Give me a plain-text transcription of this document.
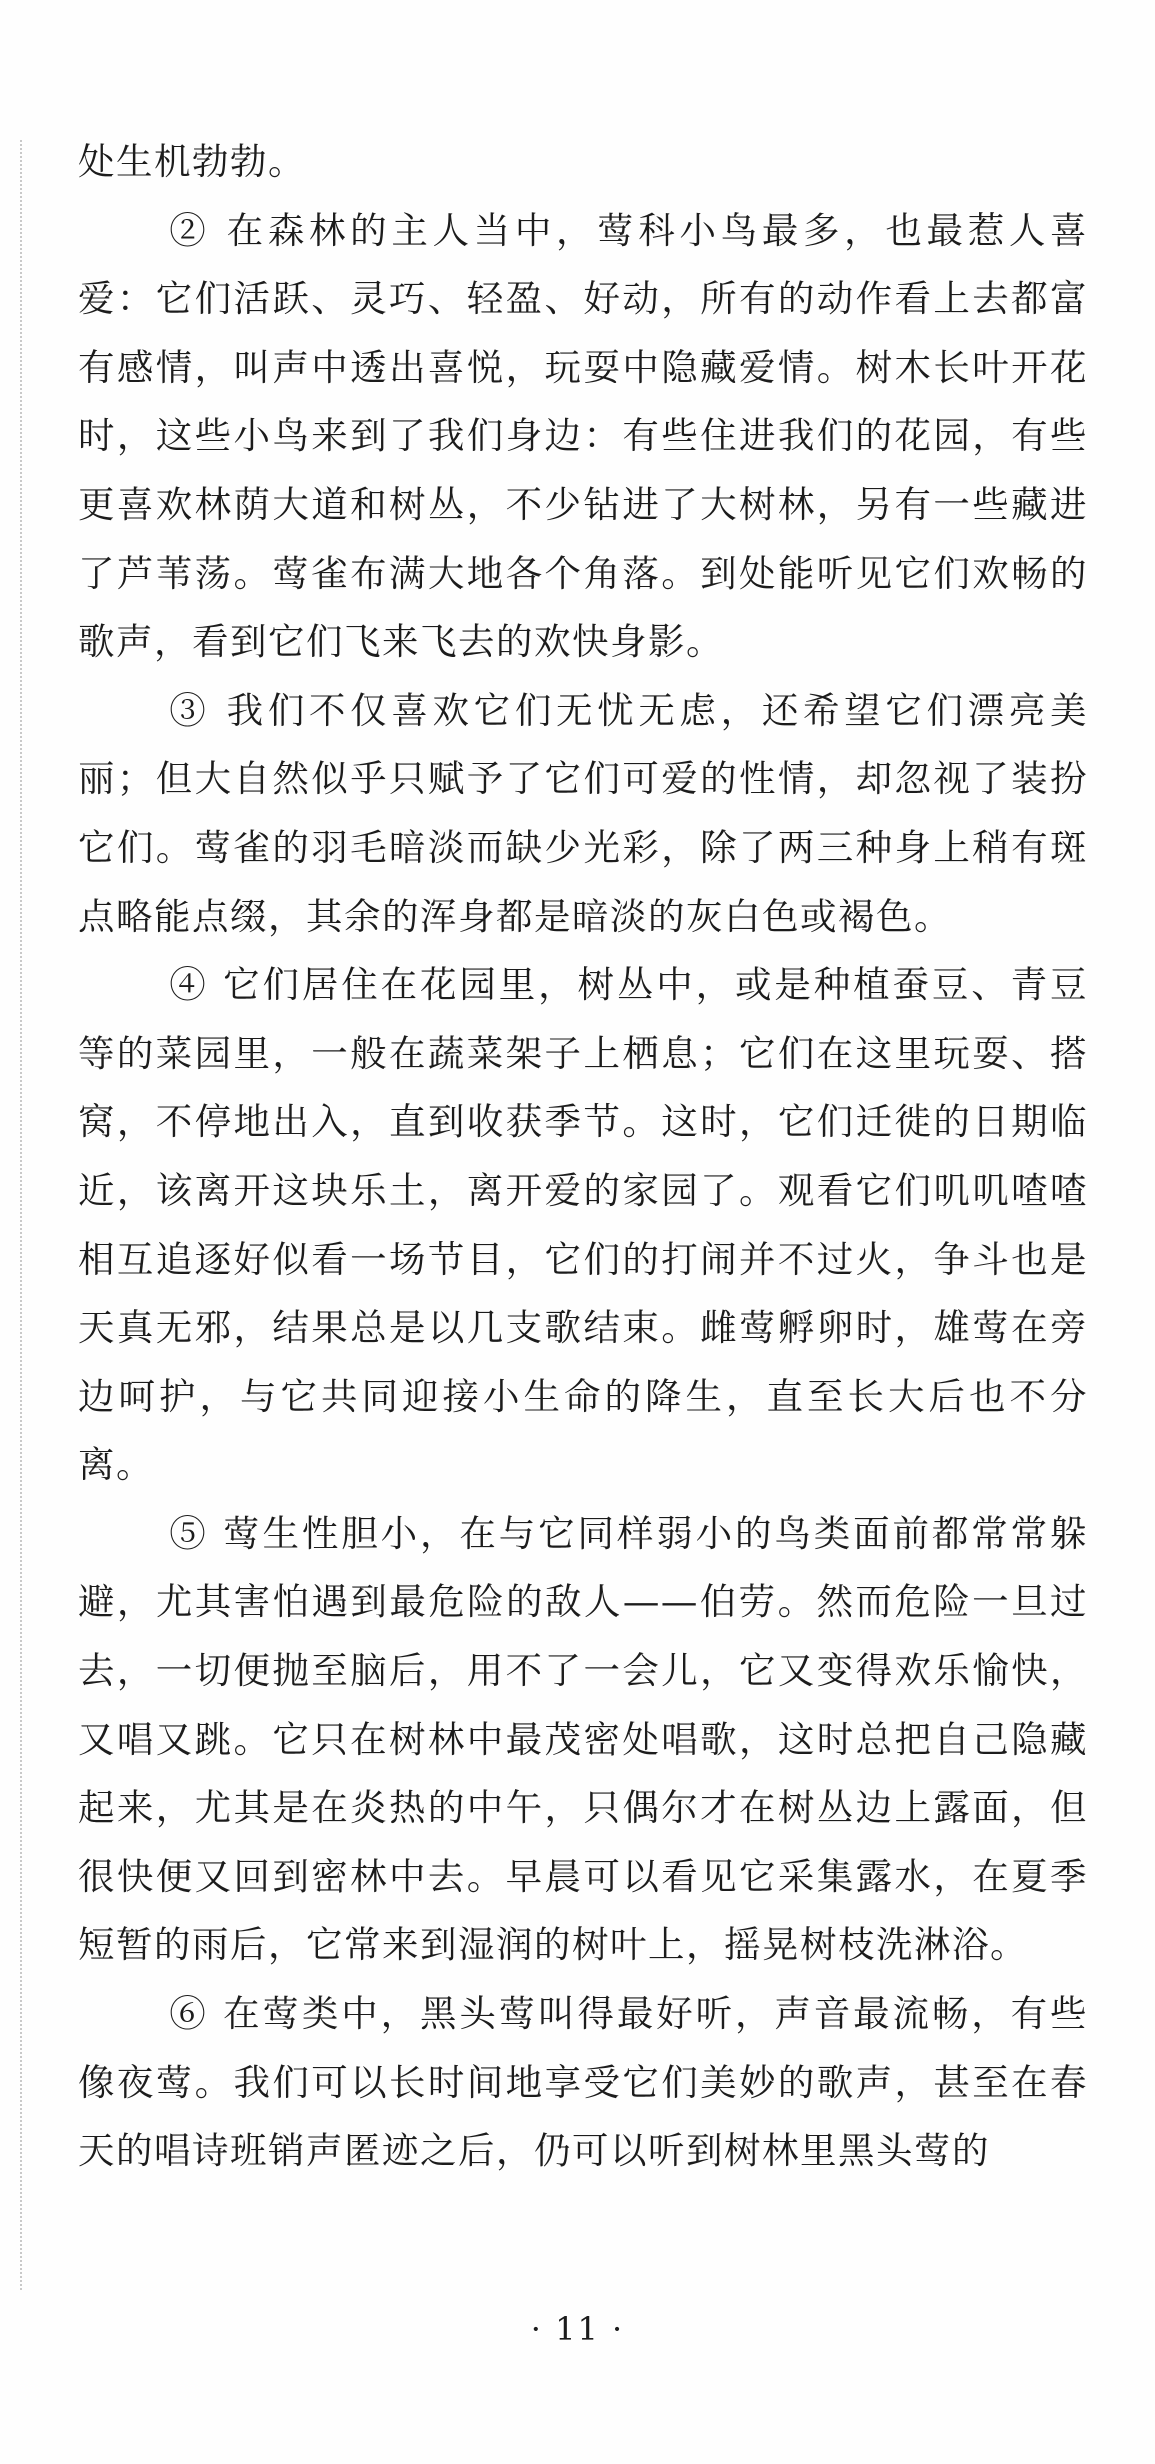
处生机勃勃。

② 在森林的主人当中，莺科小鸟最多，也最惹人喜爱：它们活跃、灵巧、轻盈、好动，所有的动作看上去都富有感情，叫声中透出喜悦，玩耍中隐藏爱情。树木长叶开花时，这些小鸟来到了我们身边：有些住进我们的花园，有些更喜欢林荫大道和树丛，不少钻进了大树林，另有一些藏进了芦苇荡。莺雀布满大地各个角落。到处能听见它们欢畅的歌声，看到它们飞来飞去的欢快身影。

③ 我们不仅喜欢它们无忧无虑，还希望它们漂亮美丽；但大自然似乎只赋予了它们可爱的性情，却忽视了装扮它们。莺雀的羽毛暗淡而缺少光彩，除了两三种身上稍有斑点略能点缀，其余的浑身都是暗淡的灰白色或褐色。

④ 它们居住在花园里，树丛中，或是种植蚕豆、青豆等的菜园里，一般在蔬菜架子上栖息；它们在这里玩耍、搭窝，不停地出入，直到收获季节。这时，它们迁徙的日期临近，该离开这块乐土，离开爱的家园了。观看它们叽叽喳喳相互追逐好似看一场节目，它们的打闹并不过火，争斗也是天真无邪，结果总是以几支歌结束。雌莺孵卵时，雄莺在旁边呵护，与它共同迎接小生命的降生，直至长大后也不分离。

⑤ 莺生性胆小，在与它同样弱小的鸟类面前都常常躲避，尤其害怕遇到最危险的敌人——伯劳。然而危险一旦过去，一切便抛至脑后，用不了一会儿，它又变得欢乐愉快，又唱又跳。它只在树林中最茂密处唱歌，这时总把自己隐藏起来，尤其是在炎热的中午，只偶尔才在树丛边上露面，但很快便又回到密林中去。早晨可以看见它采集露水，在夏季短暂的雨后，它常来到湿润的树叶上，摇晃树枝洗淋浴。

⑥ 在莺类中，黑头莺叫得最好听，声音最流畅，有些像夜莺。我们可以长时间地享受它们美妙的歌声，甚至在春天的唱诗班销声匿迹之后，仍可以听到树林里黑头莺的

· 11 ·
